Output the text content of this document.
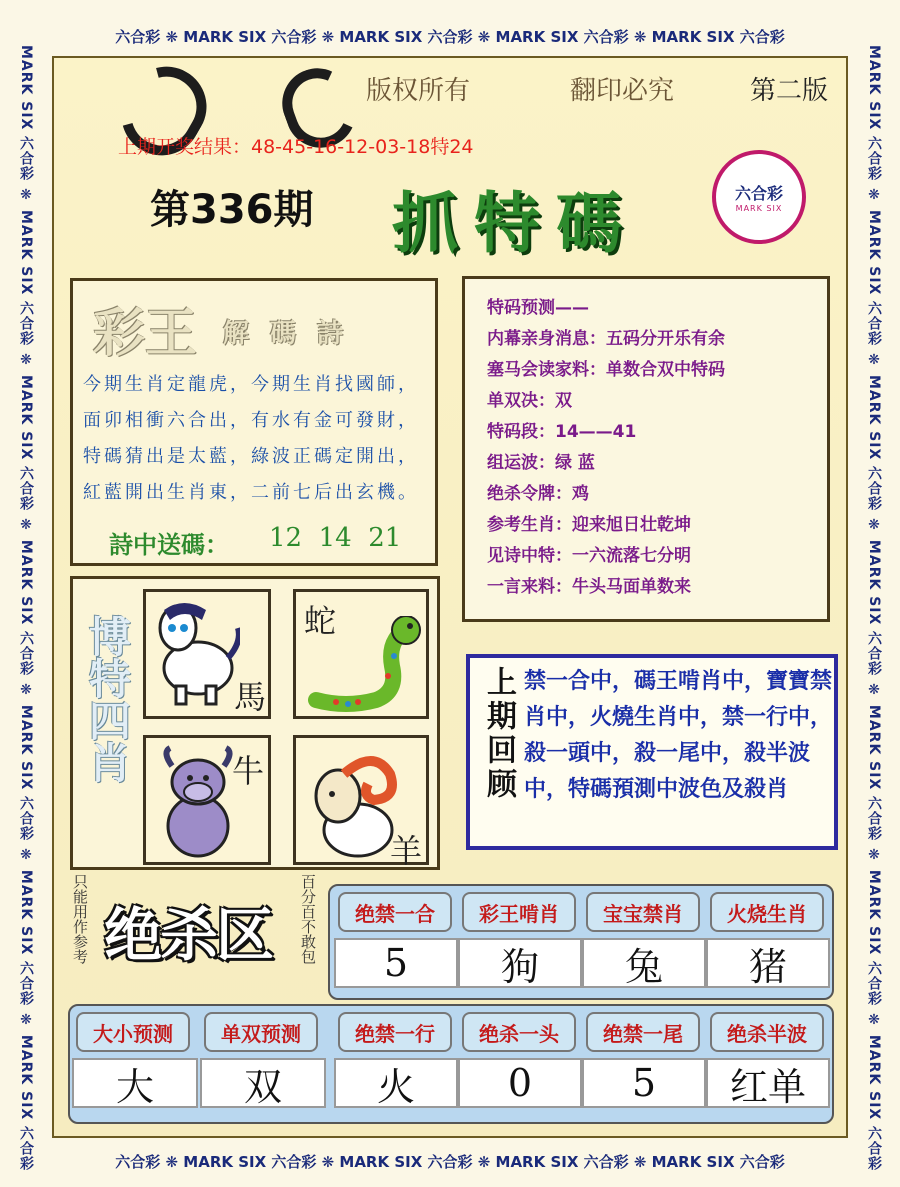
六合彩 ❋ MARK SIX 六合彩 ❋ MARK SIX 六合彩 ❋ MARK SIX 六合彩 ❋ MARK SIX 六合彩
六合彩 ❋ MARK SIX 六合彩 ❋ MARK SIX 六合彩 ❋ MARK SIX 六合彩 ❋ MARK SIX 六合彩
MARK SIX 六合彩 ❋ MARK SIX 六合彩 ❋ MARK SIX 六合彩 ❋ MARK SIX 六合彩 ❋ MARK SIX 六合彩 ❋ MARK SIX 六合彩 ❋ MARK SIX 六合彩	MARK SIX 六合彩 ❋ MARK SIX 六合彩 ❋ MARK SIX 六合彩 ❋ MARK SIX 六合彩 ❋ MARK SIX 六合彩 ❋ MARK SIX 六合彩 ❋ MARK SIX 六合彩
版权所有	翻印必究	第二版
上期开奖结果：48-45-16-12-03-18特24
第336期 抓特碼	六合彩
MARK SIX
彩王 解 碼 詩
今期生肖定龍虎，今期生肖找國師，
面卯相衝六合出，有水有金可發財，
特碼猜出是太藍，綠波正碼定開出，
紅藍開出生肖東，二前七后出玄機。
詩中送碼： 12  14  21
特码预测——
内幕亲身消息：五码分开乐有余
塞马会读家料：单数合双中特码
单双决：双
特码段：14——41
组运波：绿 蓝
绝杀令牌：鸡
参考生肖：迎来旭日壮乾坤
见诗中特：一六流落七分明
一言来料：牛头马面单数来
博特四肖	馬
蛇
牛
羊
上期回顾 禁一合中，碼王啃肖中，寶寶禁肖中，火燒生肖中，禁一行中，殺一頭中，殺一尾中，殺半波中，特碼預測中波色及殺肖
只能用作参考 绝杀区 百分百不敢包	绝禁一合	彩王啃肖	宝宝禁肖	火烧生肖
5	狗	兔	猪
大小预测	单双预测	绝禁一行	绝杀一头	绝禁一尾	绝杀半波
大	双	火	0	5	红单
